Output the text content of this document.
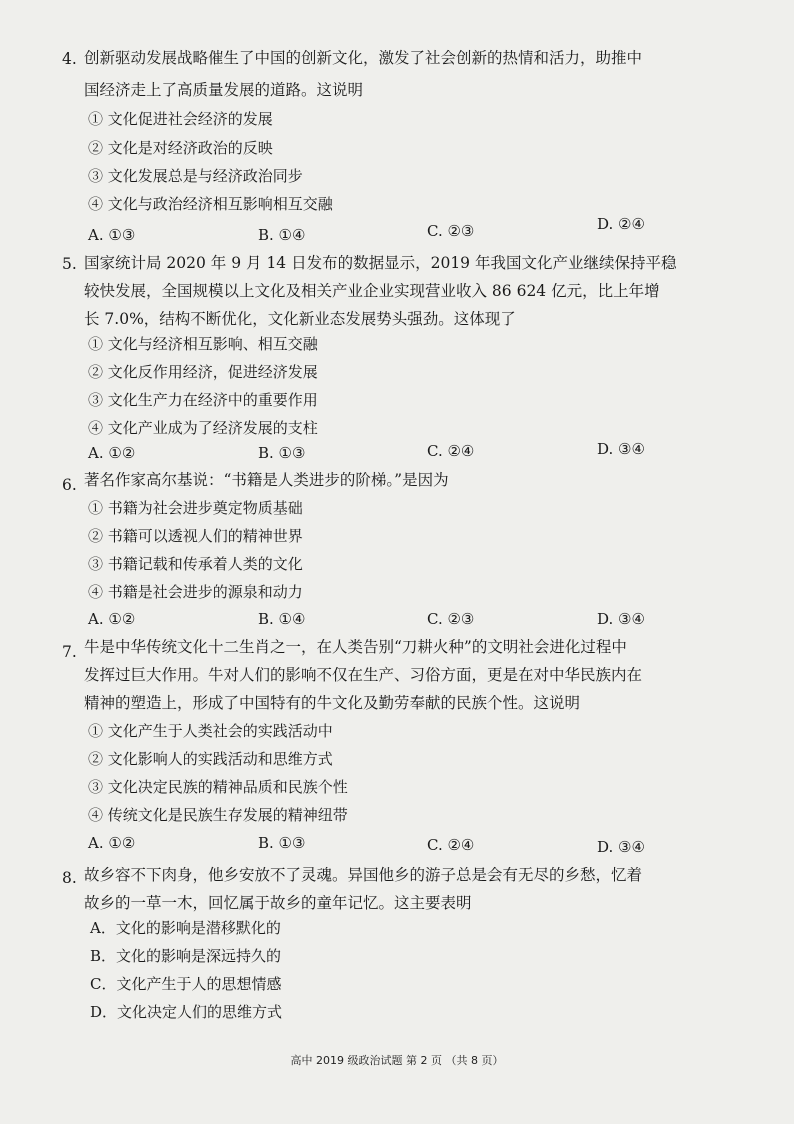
4. 创新驱动发展战略催生了中国的创新文化，激发了社会创新的热情和活力，助推中
国经济走上了高质量发展的道路。这说明
① 文化促进社会经济的发展
② 文化是对经济政治的反映
③ 文化发展总是与经济政治同步
④ 文化与政治经济相互影响相互交融
A. ①③	B. ①④	C. ②③	D. ②④
5. 国家统计局 2020 年 9 月 14 日发布的数据显示，2019 年我国文化产业继续保持平稳
较快发展，全国规模以上文化及相关产业企业实现营业收入 86 624 亿元，比上年增
长 7.0%，结构不断优化，文化新业态发展势头强劲。这体现了
① 文化与经济相互影响、相互交融
② 文化反作用经济，促进经济发展
③ 文化生产力在经济中的重要作用
④ 文化产业成为了经济发展的支柱
A. ①②	B. ①③	C. ②④	D. ③④
6. 著名作家高尔基说：“书籍是人类进步的阶梯。”是因为
① 书籍为社会进步奠定物质基础
② 书籍可以透视人们的精神世界
③ 书籍记载和传承着人类的文化
④ 书籍是社会进步的源泉和动力
A. ①②	B. ①④	C. ②③	D. ③④
7. 牛是中华传统文化十二生肖之一，在人类告别“刀耕火种”的文明社会进化过程中
发挥过巨大作用。牛对人们的影响不仅在生产、习俗方面，更是在对中华民族内在
精神的塑造上，形成了中国特有的牛文化及勤劳奉献的民族个性。这说明
① 文化产生于人类社会的实践活动中
② 文化影响人的实践活动和思维方式
③ 文化决定民族的精神品质和民族个性
④ 传统文化是民族生存发展的精神纽带
A. ①②	B. ①③	C. ②④	D. ③④
8. 故乡容不下肉身，他乡安放不了灵魂。异国他乡的游子总是会有无尽的乡愁，忆着
故乡的一草一木，回忆属于故乡的童年记忆。这主要表明
A．文化的影响是潜移默化的
B．文化的影响是深远持久的
C．文化产生于人的思想情感
D．文化决定人们的思维方式
高中 2019 级政治试题 第 2 页 （共 8 页）
